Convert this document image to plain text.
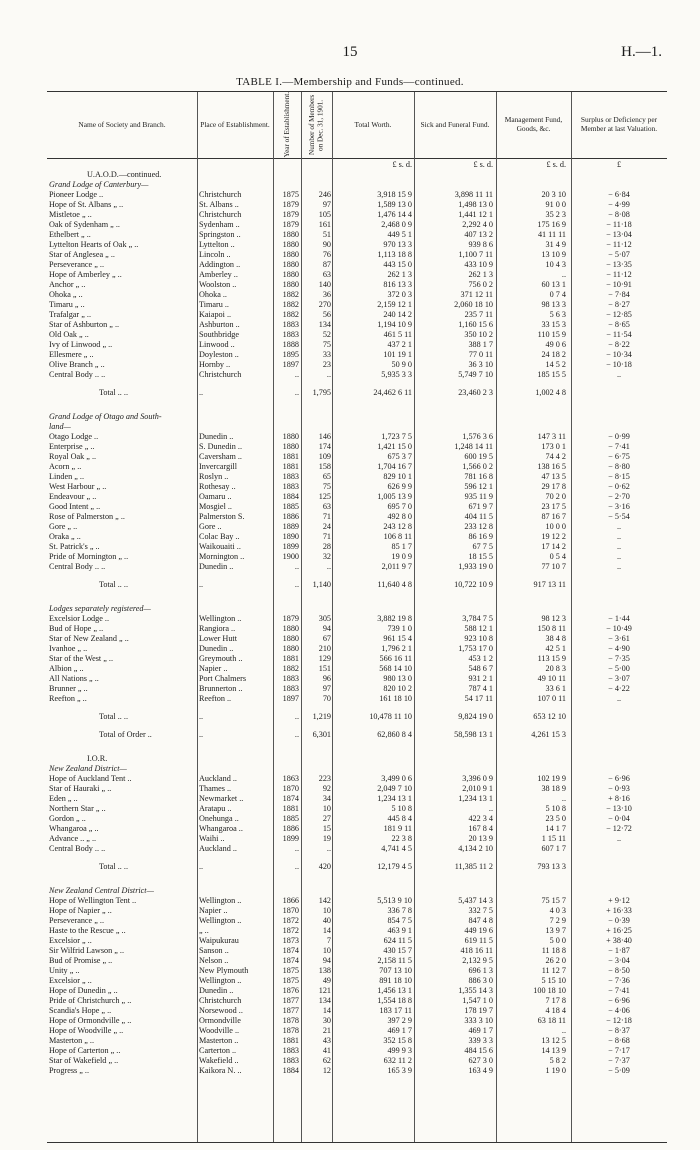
15	H.—1.
TABLE I.—Membership and Funds—continued.
Name of Society and Branch.	Place of Establishment.	Year of Establishment. Number of Members on Dec. 31, 1901.	Total Worth.	Sick and Funeral Fund.	Management Fund, Goods, &c.
Surplus or Deficiency per Member at last Valuation.
£ s. d.	£ s. d.	£ s. d.	£
U.A.O.D.—continued.
Grand Lodge of Canterbury—
Pioneer Lodge ..	Christchurch	1875	246	3,918 15 9	3,898 11 11	20 3 10	− 6·84
Hope of St. Albans „ ..	St. Albans ..	1879	97	1,589 13 0	1,498 13 0	91 0 0	− 4·99
Mistletoe „ ..	Christchurch	1879	105	1,476 14 4	1,441 12 1	35 2 3	− 8·08
Oak of Sydenham „ ..	Sydenham ..	1879	161	2,468 0 9	2,292 4 0	175 16 9	− 11·18
Ethelbert „ ..	Springston ..	1880	51	449 5 1	407 13 2	41 11 11	− 13·04
Lyttelton Hearts of Oak „ ..	Lyttelton ..	1880	90	970 13 3	939 8 6	31 4 9	− 11·12
Star of Anglesea „ ..	Lincoln ..	1880	76	1,113 18 8	1,100 7 11	13 10 9	− 5·07
Perseverance „ ..	Addington ..	1880	87	443 15 0	433 10 9	10 4 3	− 13·35
Hope of Amberley „ ..	Amberley ..	1880	63	262 1 3	262 1 3	..	− 11·12
Anchor „ ..	Woolston ..	1880	140	816 13 3	756 0 2	60 13 1	− 10·91
Ohoka „ ..	Ohoka ..	1882	36	372 0 3	371 12 11	0 7 4	− 7·84
Timaru „ ..	Timaru ..	1882	270	2,159 12 1	2,060 18 10	98 13 3	− 8·27
Trafalgar „ ..	Kaiapoi ..	1882	56	240 14 2	235 7 11	5 6 3	− 12·85
Star of Ashburton „ ..	Ashburton ..	1883	134	1,194 10 9	1,160 15 6	33 15 3	− 8·65
Old Oak „ ..	Southbridge	1883	52	461 5 11	350 10 2	110 15 9	− 11·54
Ivy of Linwood „ ..	Linwood ..	1888	75	437 2 1	388 1 7	49 0 6	− 8·22
Ellesmere „ ..	Doyleston ..	1895	33	101 19 1	77 0 11	24 18 2	− 10·34
Olive Branch „ ..	Hornby ..	1897	23	50 9 0	36 3 10	14 5 2	− 10·18
Central Body .. ..	Christchurch	..	..	5,935 3 3	5,749 7 10	185 15 5	..
Total .. ..	..	..	1,795	24,462 6 11	23,460 2 3	1,002 4 8
Grand Lodge of Otago and South-
land—
Otago Lodge ..	Dunedin ..	1880	146	1,723 7 5	1,576 3 6	147 3 11	− 0·99
Enterprise „ ..	S. Dunedin ..	1880	174	1,421 15 0	1,248 14 11	173 0 1	− 7·41
Royal Oak „ ..	Caversham ..	1881	109	675 3 7	600 19 5	74 4 2	− 6·75
Acorn „ ..	Invercargill	1881	158	1,704 16 7	1,566 0 2	138 16 5	− 8·80
Linden „ ..	Roslyn ..	1883	65	829 10 1	781 16 8	47 13 5	− 8·15
West Harbour „ ..	Rothesay ..	1883	75	626 9 9	596 12 1	29 17 8	− 0·62
Endeavour „ ..	Oamaru ..	1884	125	1,005 13 9	935 11 9	70 2 0	− 2·70
Good Intent „ ..	Mosgiel ..	1885	63	695 7 0	671 9 7	23 17 5	− 3·16
Rose of Palmerston „ ..	Palmerston S.	1886	71	492 8 0	404 11 5	87 16 7	− 5·54
Gore „ ..	Gore ..	1889	24	243 12 8	233 12 8	10 0 0	..
Oraka „ ..	Colac Bay ..	1890	71	106 8 11	86 16 9	19 12 2	..
St. Patrick's „ ..	Waikouaiti ..	1899	28	85 1 7	67 7 5	17 14 2	..
Pride of Mornington „ ..	Mornington ..	1900	32	19 0 9	18 15 5	0 5 4	..
Central Body .. ..	Dunedin ..	..	..	2,011 9 7	1,933 19 0	77 10 7	..
Total .. ..	..	..	1,140	11,640 4 8	10,722 10 9	917 13 11
Lodges separately registered—
Excelsior Lodge ..	Wellington ..	1879	305	3,882 19 8	3,784 7 5	98 12 3	− 1·44
Bud of Hope „ ..	Rangiora ..	1880	94	739 1 0	588 12 1	150 8 11	− 10·49
Star of New Zealand „ ..	Lower Hutt	1880	67	961 15 4	923 10 8	38 4 8	− 3·61
Ivanhoe „ ..	Dunedin ..	1880	210	1,796 2 1	1,753 17 0	42 5 1	− 4·90
Star of the West „ ..	Greymouth ..	1881	129	566 16 11	453 1 2	113 15 9	− 7·35
Albion „ ..	Napier ..	1882	151	568 14 10	548 6 7	20 8 3	− 5·00
All Nations „ ..	Port Chalmers	1883	96	980 13 0	931 2 1	49 10 11	− 3·07
Brunner „ ..	Brunnerton ..	1883	97	820 10 2	787 4 1	33 6 1	− 4·22
Reefton „ ..	Reefton ..	1897	70	161 18 10	54 17 11	107 0 11	..
Total .. ..	..	..	1,219	10,478 11 10	9,824 19 0	653 12 10
Total of Order ..	..	..	6,301	62,860 8 4	58,598 13 1	4,261 15 3
I.O.R.
New Zealand District—
Hope of Auckland Tent ..	Auckland ..	1863	223	3,499 0 6	3,396 0 9	102 19 9	− 6·96
Star of Hauraki „ ..	Thames ..	1870	92	2,049 7 10	2,010 9 1	38 18 9	− 0·93
Eden „ ..	Newmarket ..	1874	34	1,234 13 1	1,234 13 1	..	+ 8·16
Northern Star „ ..	Aratapu ..	1881	10	5 10 8	..	5 10 8	− 13·10
Gordon „ ..	Onehunga ..	1885	27	445 8 4	422 3 4	23 5 0	− 0·04
Whangaroa „ ..	Whangaroa ..	1886	15	181 9 11	167 8 4	14 1 7	− 12·72
Advance .. „ ..	Waihi ..	1899	19	22 3 8	20 13 9	1 15 11	..
Central Body .. ..	Auckland ..	..	..	4,741 4 5	4,134 2 10	607 1 7
Total .. ..	..	..	420	12,179 4 5	11,385 11 2	793 13 3
New Zealand Central District—
Hope of Wellington Tent ..	Wellington ..	1866	142	5,513 9 10	5,437 14 3	75 15 7	+ 9·12
Hope of Napier „ ..	Napier ..	1870	10	336 7 8	332 7 5	4 0 3	+ 16·33
Perseverance „ ..	Wellington ..	1872	40	854 7 5	847 4 8	7 2 9	− 0·39
Haste to the Rescue „ ..	„ ..	1872	14	463 9 1	449 19 6	13 9 7	+ 16·25
Excelsior „ ..	Waipukurau	1873	7	624 11 5	619 11 5	5 0 0	+ 38·40
Sir Wilfrid Lawson „ ..	Sanson ..	1874	10	430 15 7	418 16 11	11 18 8	− 1·87
Bud of Promise „ ..	Nelson ..	1874	94	2,158 11 5	2,132 9 5	26 2 0	− 3·04
Unity „ ..	New Plymouth	1875	138	707 13 10	696 1 3	11 12 7	− 8·50
Excelsior „ ..	Wellington ..	1875	49	891 18 10	886 3 0	5 15 10	− 7·36
Hope of Dunedin „ ..	Dunedin ..	1876	121	1,456 13 1	1,355 14 3	100 18 10	− 7·41
Pride of Christchurch „ ..	Christchurch	1877	134	1,554 18 8	1,547 1 0	7 17 8	− 6·96
Scandia's Hope „ ..	Norsewood ..	1877	14	183 17 11	178 19 7	4 18 4	− 4·06
Hope of Ormondville „ ..	Ormondville	1878	30	397 2 9	333 3 10	63 18 11	− 12·18
Hope of Woodville „ ..	Woodville ..	1878	21	469 1 7	469 1 7	..	− 8·37
Masterton „ ..	Masterton ..	1881	43	352 15 8	339 3 3	13 12 5	− 8·68
Hope of Carterton „ ..	Carterton ..	1883	41	499 9 3	484 15 6	14 13 9	− 7·17
Star of Wakefield „ ..	Wakefield ..	1883	62	632 11 2	627 3 0	5 8 2	− 7·37
Progress „ ..	Kaikora N. ..	1884	12	165 3 9	163 4 9	1 19 0	− 5·09
